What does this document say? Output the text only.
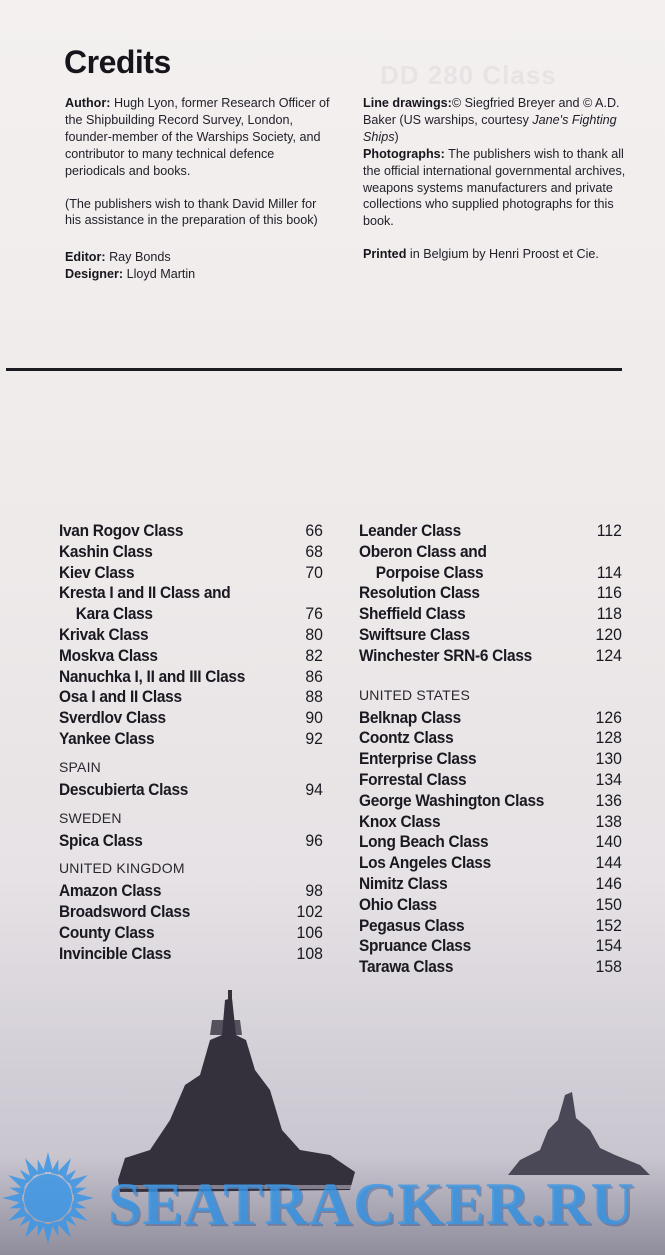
DD 280 Class
Credits

Author: Hugh Lyon, former Research Officer of the Shipbuilding Record Survey, London, founder-member of the Warships Society, and contributor to many technical defence periodicals and books.

(The publishers wish to thank David Miller for his assistance in the preparation of this book)

Editor: Ray Bonds

Designer: Lloyd Martin

Line drawings:© Siegfried Breyer and © A.D. Baker (US warships, courtesy Jane's Fighting Ships)

Photographs: The publishers wish to thank all the official international governmental archives, weapons systems manufacturers and private collections who supplied photographs for this book.

Printed in Belgium by Henri Proost et Cie.

Ivan Rogov Class	66
Kashin Class	68
Kiev Class	70
Kresta I and II Class and
Kara Class	76
Krivak Class	80
Moskva Class	82
Nanuchka I, II and III Class	86
Osa I and II Class	88
Sverdlov Class	90
Yankee Class	92
SPAIN
Descubierta Class	94
SWEDEN
Spica Class	96
UNITED KINGDOM
Amazon Class	98
Broadsword Class	102
County Class	106
Invincible Class	108
Leander Class	112
Oberon Class and
Porpoise Class	114
Resolution Class	116
Sheffield Class	118
Swiftsure Class	120
Winchester SRN-6 Class	124
UNITED STATES
Belknap Class	126
Coontz Class	128
Enterprise Class	130
Forrestal Class	134
George Washington Class	136
Knox Class	138
Long Beach Class	140
Los Angeles Class	144
Nimitz Class	146
Ohio Class	150
Pegasus Class	152
Spruance Class	154
Tarawa Class	158
SEATRACKER.RU
